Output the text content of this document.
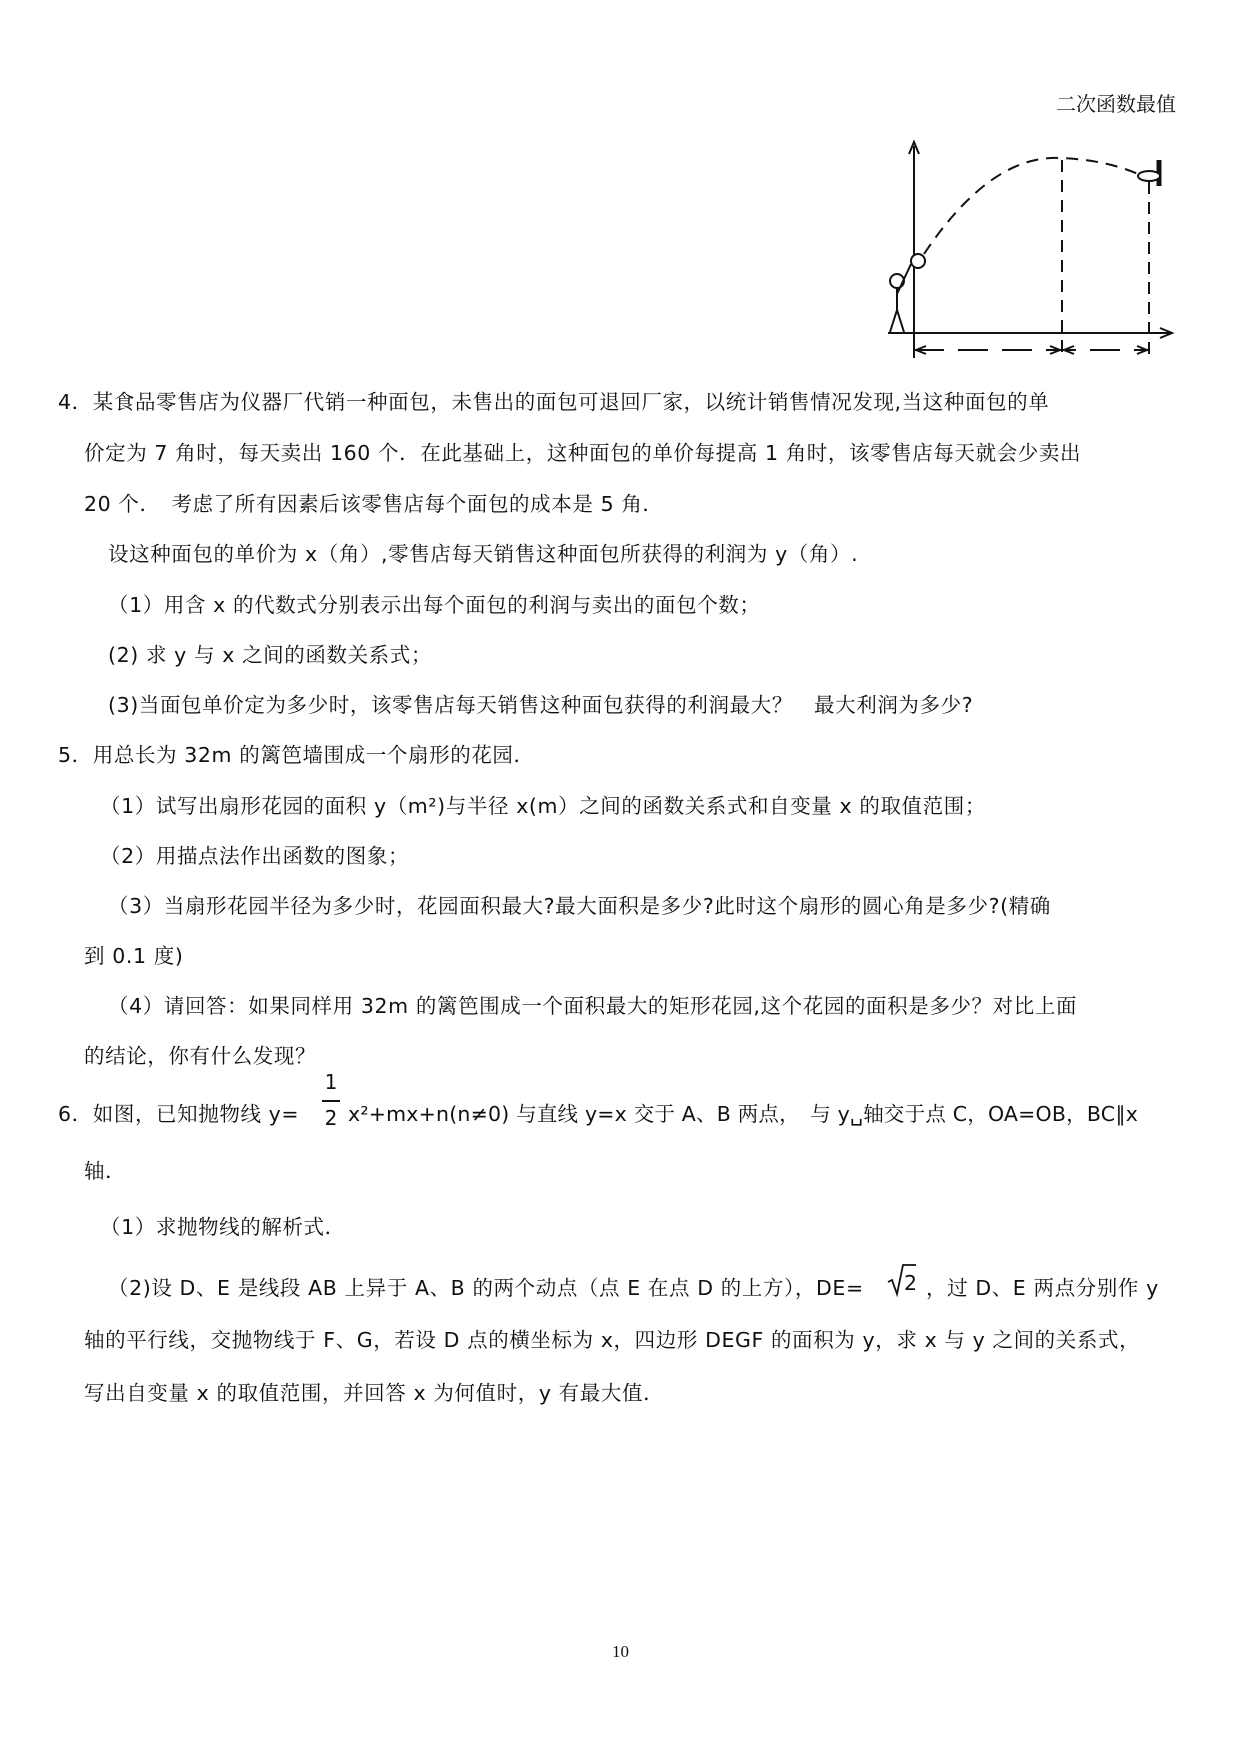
二次函数最值
4．某食品零售店为仪器厂代销一种面包，未售出的面包可退回厂家，以统计销售情况发现,当这种面包的单
价定为 7 角时，每天卖出 160 个．在此基础上，这种面包的单价每提高 1 角时，该零售店每天就会少卖出
20 个．　考虑了所有因素后该零售店每个面包的成本是 5 角．
设这种面包的单价为 x（角）,零售店每天销售这种面包所获得的利润为 y（角）.
（1）用含 x 的代数式分别表示出每个面包的利润与卖出的面包个数；
(2) 求 y 与 x 之间的函数关系式；
(3)当面包单价定为多少时，该零售店每天销售这种面包获得的利润最大？　最大利润为多少?
5．用总长为 32m 的篱笆墙围成一个扇形的花园．
（1）试写出扇形花园的面积 y（m²)与半径 x(m）之间的函数关系式和自变量 x 的取值范围；
（2）用描点法作出函数的图象；
（3）当扇形花园半径为多少时，花园面积最大?最大面积是多少?此时这个扇形的圆心角是多少?(精确
到 0.1 度)
（4）请回答：如果同样用 32m 的篱笆围成一个面积最大的矩形花园,这个花园的面积是多少？对比上面
的结论，你有什么发现？
6．如图，已知抛物线 y=
1
2 x²+mx+n(n≠0) 与直线 y=x 交于 A、B 两点，　与 y␣轴交于点 C，OA=OB，BC∥x
轴．
（1）求抛物线的解析式．
（2)设 D、E 是线段 AB 上异于 A、B 的两个动点（点 E 在点 D 的上方），DE= 2 ，过 D、E 两点分别作 y
轴的平行线，交抛物线于 F、G，若设 D 点的横坐标为 x，四边形 DEGF 的面积为 y，求 x 与 y 之间的关系式，
写出自变量 x 的取值范围，并回答 x 为何值时，y 有最大值．
10
